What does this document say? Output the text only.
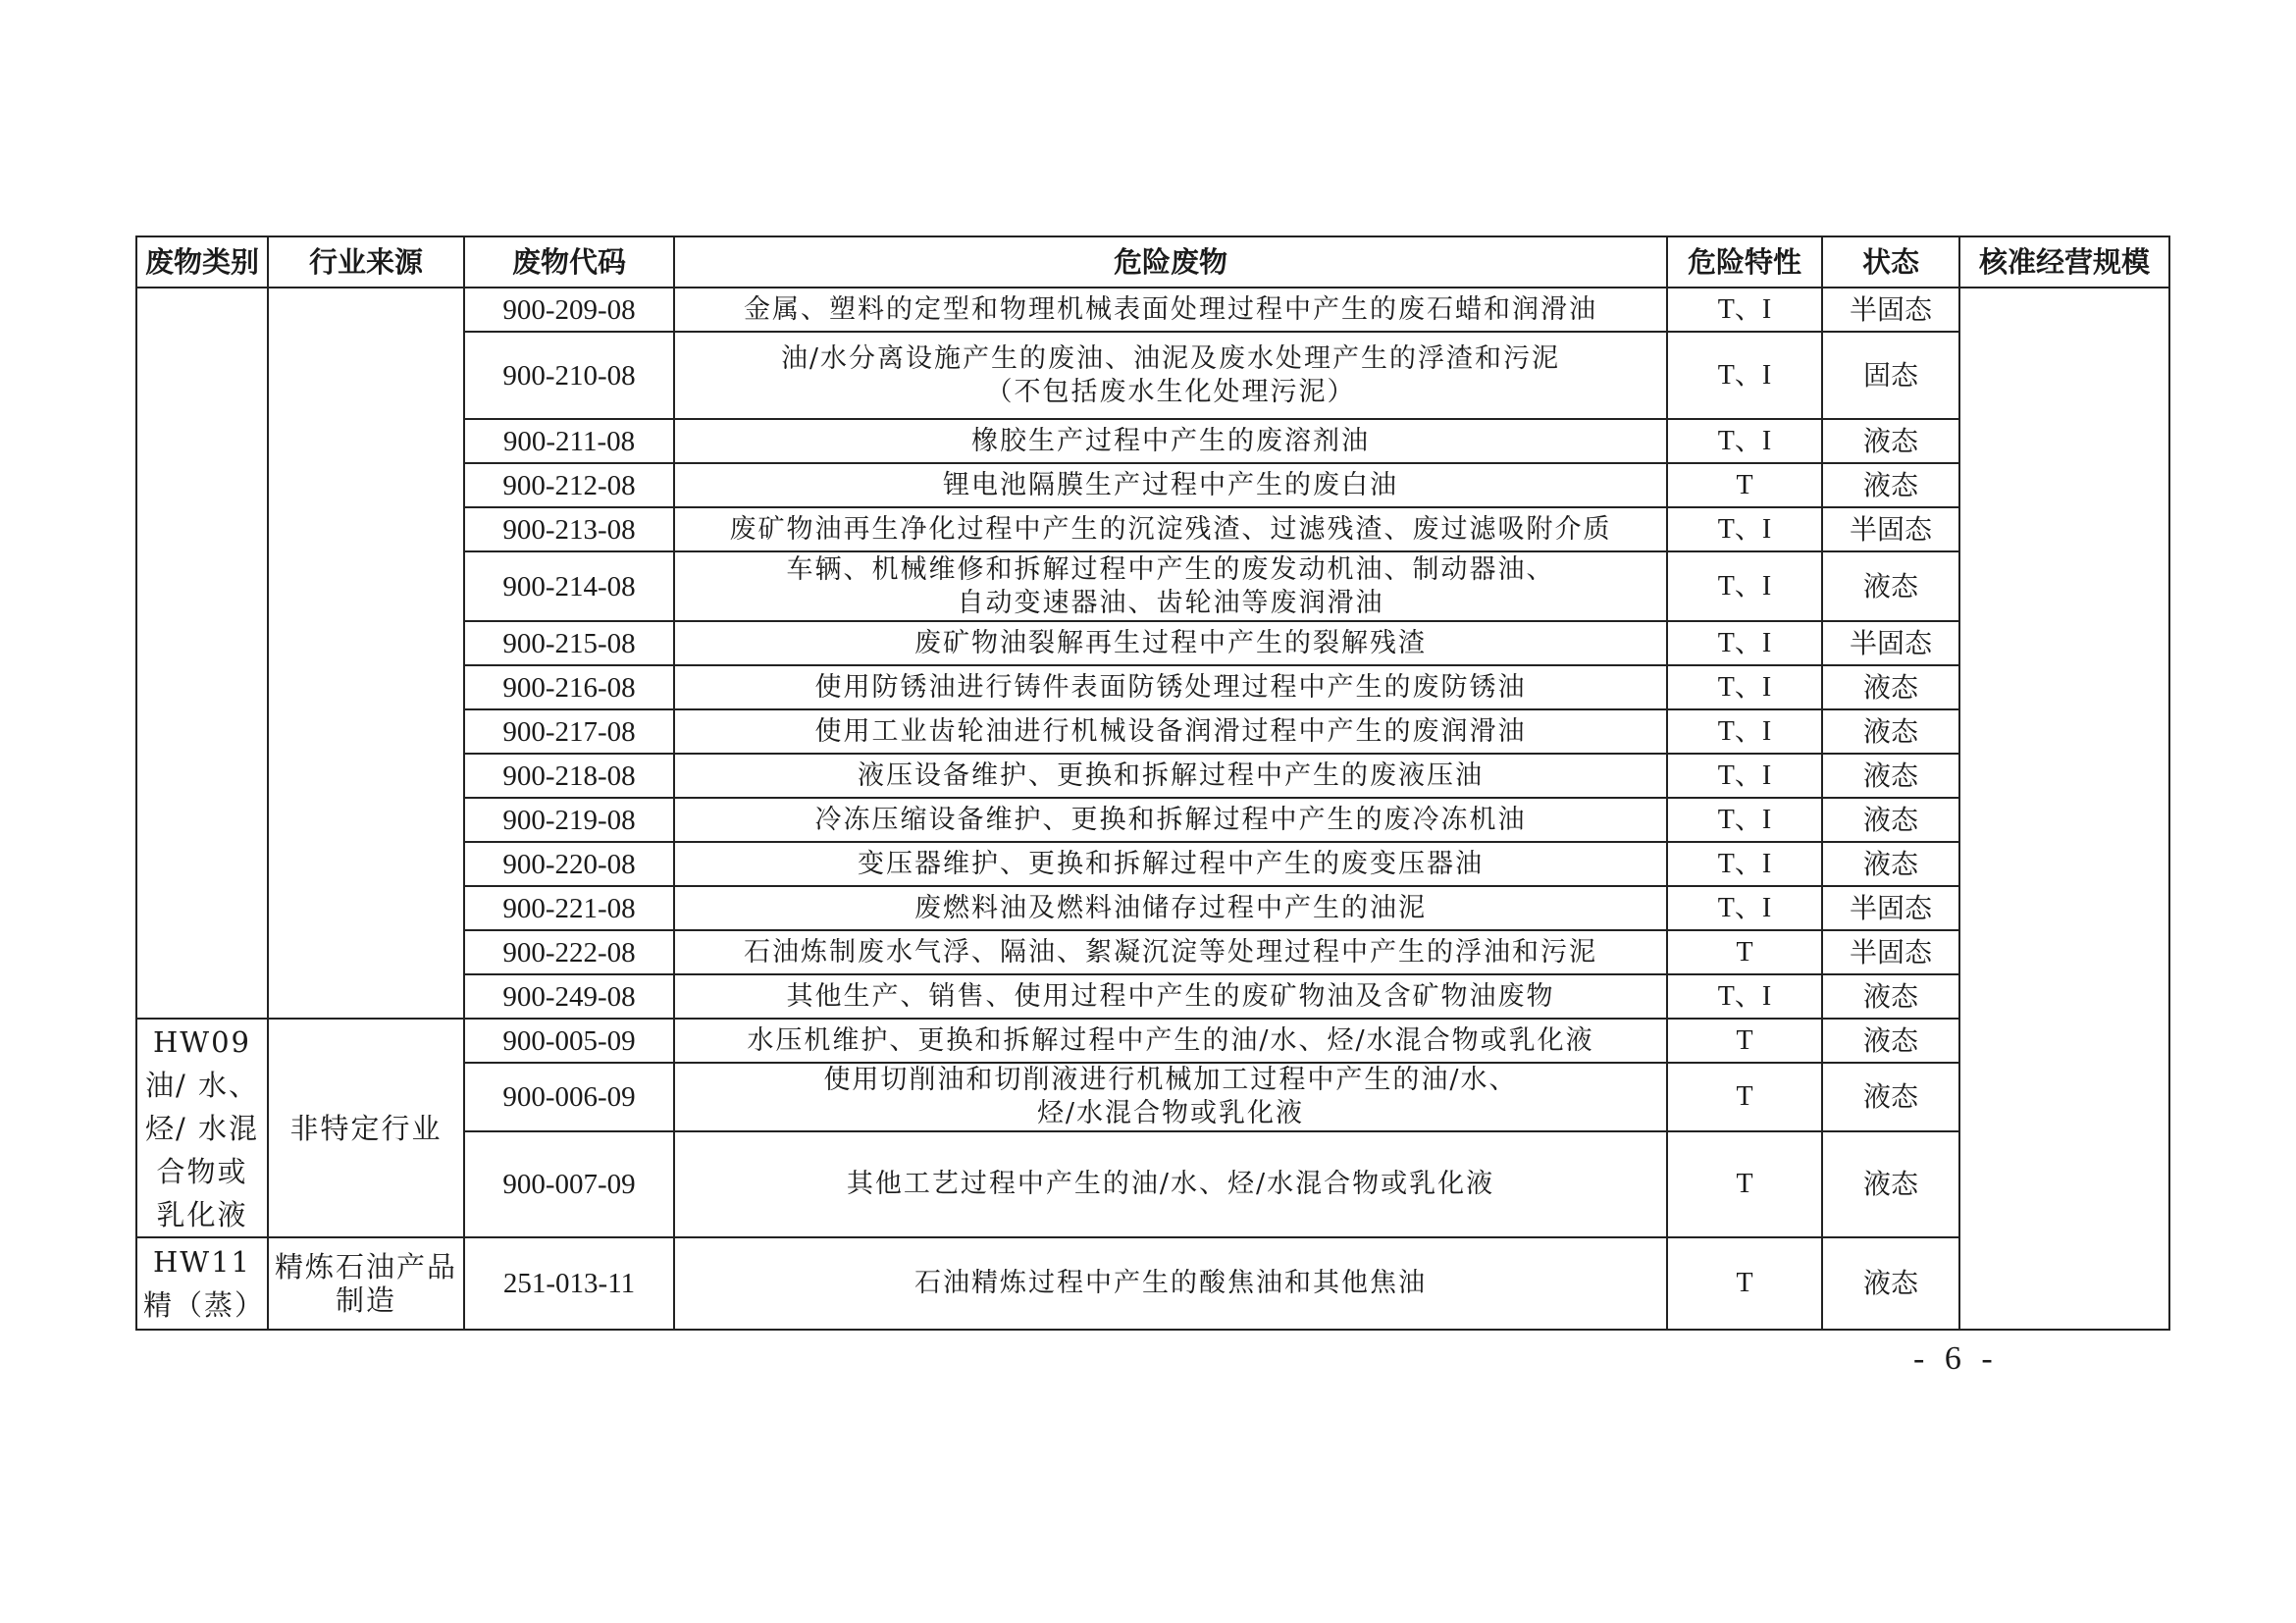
废物类别	行业来源	废物代码	危险废物	危险特性	状态	核准经营规模
		900-209-08	金属、塑料的定型和物理机械表面处理过程中产生的废石蜡和润滑油	T、I	半固态	
		900-210-08	油/水分离设施产生的废油、油泥及废水处理产生的浮渣和污泥
（不包括废水生化处理污泥）	T、I	固态	
		900-211-08	橡胶生产过程中产生的废溶剂油	T、I	液态	
		900-212-08	锂电池隔膜生产过程中产生的废白油	T	液态	
		900-213-08	废矿物油再生净化过程中产生的沉淀残渣、过滤残渣、废过滤吸附介质	T、I	半固态	
		900-214-08	车辆、机械维修和拆解过程中产生的废发动机油、制动器油、
自动变速器油、齿轮油等废润滑油	T、I	液态	
		900-215-08	废矿物油裂解再生过程中产生的裂解残渣	T、I	半固态	
		900-216-08	使用防锈油进行铸件表面防锈处理过程中产生的废防锈油	T、I	液态	
		900-217-08	使用工业齿轮油进行机械设备润滑过程中产生的废润滑油	T、I	液态	
		900-218-08	液压设备维护、更换和拆解过程中产生的废液压油	T、I	液态	
		900-219-08	冷冻压缩设备维护、更换和拆解过程中产生的废冷冻机油	T、I	液态	
		900-220-08	变压器维护、更换和拆解过程中产生的废变压器油	T、I	液态	
		900-221-08	废燃料油及燃料油储存过程中产生的油泥	T、I	半固态	
		900-222-08	石油炼制废水气浮、隔油、絮凝沉淀等处理过程中产生的浮油和污泥	T	半固态	
		900-249-08	其他生产、销售、使用过程中产生的废矿物油及含矿物油废物	T、I	液态	
HW09油/ 水、烃/ 水混合物或乳化液	非特定行业	900-005-09	水压机维护、更换和拆解过程中产生的油/水、烃/水混合物或乳化液	T	液态	
		900-006-09	使用切削油和切削液进行机械加工过程中产生的油/水、
烃/水混合物或乳化液	T	液态	
		900-007-09	其他工艺过程中产生的油/水、烃/水混合物或乳化液	T	液态	
HW11精（蒸）	精炼石油产品制造	251-013-11	石油精炼过程中产生的酸焦油和其他焦油	T	液态	
- 6 -
